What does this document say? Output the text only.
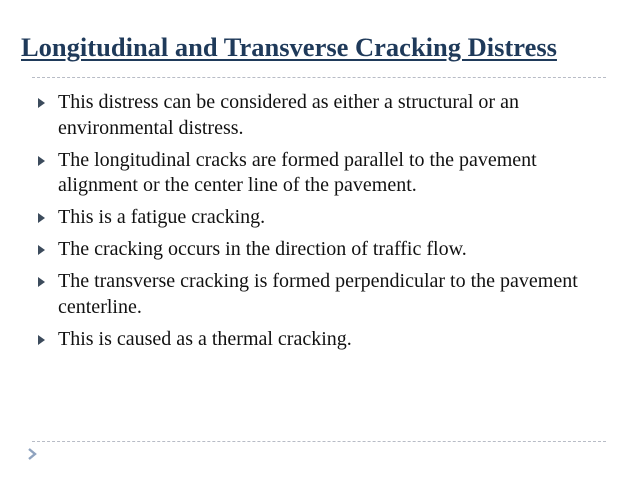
Longitudinal and Transverse Cracking Distress
This distress can be considered as either a structural or an environmental distress.
The longitudinal cracks are formed parallel to the pavement alignment or the center line of the pavement.
This is a fatigue cracking.
The cracking occurs in the direction of traffic flow.
The transverse cracking is formed perpendicular to the pavement centerline.
This is caused as a thermal cracking.
